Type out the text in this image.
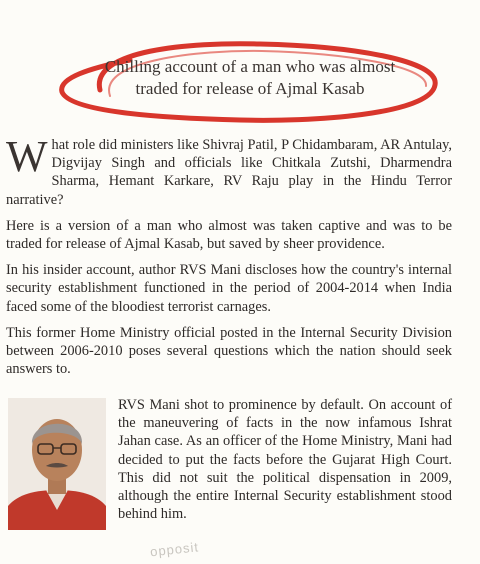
Chilling account of a man who was almost
traded for release of Ajmal Kasab

What role did ministers like Shivraj Patil, P Chidambaram, AR Antulay, Digvijay Singh and officials like Chitkala Zutshi, Dharmendra Sharma, Hemant Karkare, RV Raju play in the Hindu Terror narrative?

Here is a version of a man who almost was taken captive and was to be traded for release of Ajmal Kasab, but saved by sheer providence.

In his insider account, author RVS Mani discloses how the country's internal security establishment functioned in the period of 2004-2014 when India faced some of the bloodiest terrorist carnages.

This former Home Ministry official posted in the Internal Security Division between 2006-2010 poses several questions which the nation should seek answers to.

RVS Mani shot to prominence by default. On account of the maneuvering of facts in the now infamous Ishrat Jahan case. As an officer of the Home Ministry, Mani had decided to put the facts before the Gujarat High Court. This did not suit the political dispensation in 2009, although the entire Internal Security establishment stood behind him.
opposit
